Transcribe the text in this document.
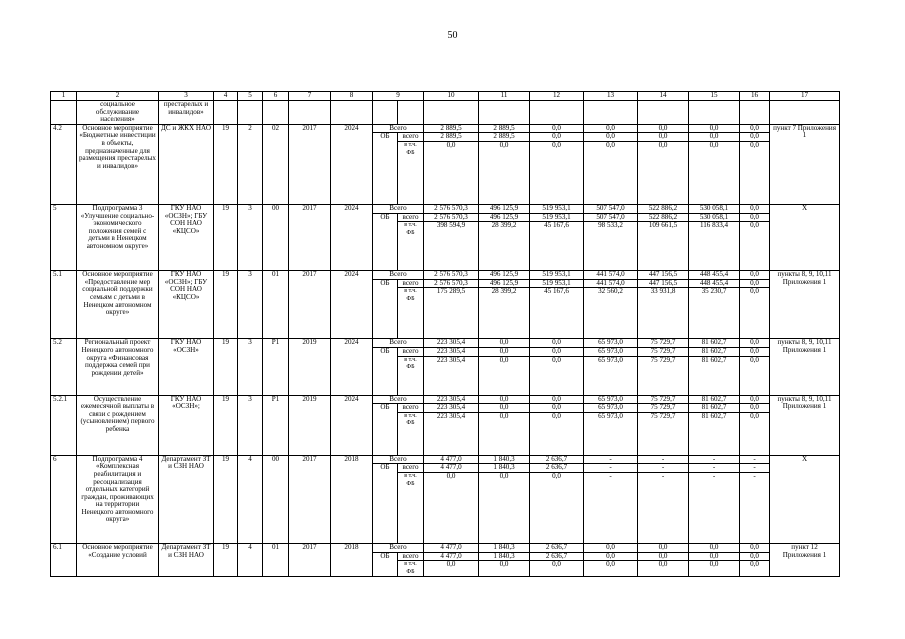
50
1	2	3	4	5	6	7	8	9		10	11	12	13	14	15	16	17
	социальное обслуживание населения»	престарелых и инвалидов»															
4.2	Основное мероприятие «Бюджетные инвестиции в объекты, предназначенные для размещения престарелых и инвалидов»	ДС и ЖКХ НАО	19	2	02	2017	2024	Всего		2 889,5	2 889,5	0,0	0,0	0,0	0,0	0,0	пункт 7 Приложения 1
								ОБ	всего	2 889,5	2 889,5	0,0	0,0	0,0	0,0	0,0	
									в т.ч. ФБ	0,0	0,0	0,0	0,0	0,0	0,0	0,0	
5	Подпрограмма 3 «Улучшение социально-экономического положения семей с детьми в Ненецком автономном округе»	ГКУ НАО «ОСЗН»; ГБУ СОН НАО «КЦСО»	19	3	00	2017	2024	Всего		2 576 570,3	496 125,9	519 953,1	507 547,0	522 886,2	530 058,1	0,0	Х
								ОБ	всего	2 576 570,3	496 125,9	519 953,1	507 547,0	522 886,2	530 058,1	0,0	
									в т.ч. ФБ	398 594,9	28 399,2	45 167,6	98 533,2	109 661,5	116 833,4	0,0	
5.1	Основное мероприятие «Предоставление мер социальной поддержки семьям с детьми в Ненецком автономном округе»	ГКУ НАО «ОСЗН»; ГБУ СОН НАО «КЦСО»	19	3	01	2017	2024	Всего		2 576 570,3	496 125,9	519 953,1	441 574,0	447 156,5	448 455,4	0,0	пункты 8, 9, 10,11 Приложения 1
								ОБ	всего	2 576 570,3	496 125,9	519 953,1	441 574,0	447 156,5	448 455,4	0,0	
									в т.ч. ФБ	175 289,5	28 399,2	45 167,6	32 560,2	33 931,8	35 230,7	0,0	
5.2	Региональный проект Ненецкого автономного округа «Финансовая поддержка семей при рождении детей»	ГКУ НАО «ОСЗН»	19	3	P1	2019	2024	Всего		223 305,4	0,0	0,0	65 973,0	75 729,7	81 602,7	0,0	пункты 8, 9, 10,11 Приложения 1
								ОБ	всего	223 305,4	0,0	0,0	65 973,0	75 729,7	81 602,7	0,0	
									в т.ч. ФБ	223 305,4	0,0	0,0	65 973,0	75 729,7	81 602,7	0,0	
5.2.1	Осуществление ежемесячной выплаты в связи с рождением (усыновлением) первого ребенка	ГКУ НАО «ОСЗН»;	19	3	P1	2019	2024	Всего		223 305,4	0,0	0,0	65 973,0	75 729,7	81 602,7	0,0	пункты 8, 9, 10,11 Приложения 1
								ОБ	всего	223 305,4	0,0	0,0	65 973,0	75 729,7	81 602,7	0,0	
									в т.ч. ФБ	223 305,4	0,0	0,0	65 973,0	75 729,7	81 602,7	0,0	
6	Подпрограмма 4 «Комплексная реабилитация и ресоциализация отдельных категорий граждан, проживающих на территории Ненецкого автономного округа»	Департамент ЗТ и СЗН НАО	19	4	00	2017	2018	Всего		4 477,0	1 840,3	2 636,7	-	-	-	-	Х
								ОБ	всего	4 477,0	1 840,3	2 636,7	-	-	-	-	
									в т.ч. ФБ	0,0	0,0	0,0	-	-	-	-	
6.1	Основное мероприятие «Создание условий	Департамент ЗТ и СЗН НАО	19	4	01	2017	2018	Всего		4 477,0	1 840,3	2 636,7	0,0	0,0	0,0	0,0	пункт 12 Приложения 1
								ОБ	всего	4 477,0	1 840,3	2 636,7	0,0	0,0	0,0	0,0	
									в т.ч. ФБ	0,0	0,0	0,0	0,0	0,0	0,0	0,0	
